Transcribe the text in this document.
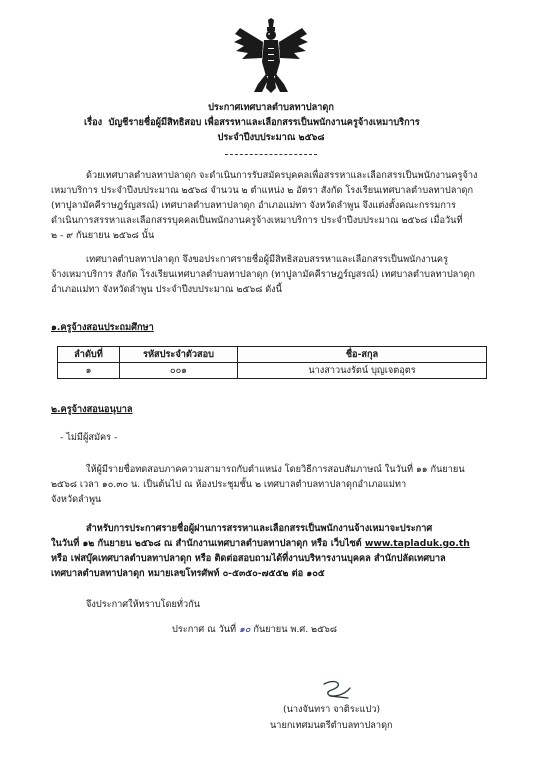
ประกาศเทศบาลตำบลทาปลาดุก
เรื่อง บัญชีรายชื่อผู้มีสิทธิสอบ เพื่อสรรหาและเลือกสรรเป็นพนักงานครูจ้างเหมาบริการ
ประจำปีงบประมาณ ๒๕๖๘
ด้วยเทศบาลตำบลทาปลาดุก จะดำเนินการรับสมัครบุคคลเพื่อสรรหาและเลือกสรรเป็นพนักงานครูจ้าง
เหมาบริการ ประจำปีงบประมาณ ๒๕๖๘ จำนวน ๒ ตำแหน่ง ๒ อัตรา สังกัด โรงเรียนเทศบาลตำบลทาปลาดุก
(ทาปูลามัคคีราษฎร์ญสรณ์) เทศบาลตำบลทาปลาดุก อำเภอแม่ทา จังหวัดลำพูน จึงแต่งตั้งคณะกรรมการ
ดำเนินการสรรหาและเลือกสรรบุคคลเป็นพนักงานครูจ้างเหมาบริการ ประจำปีงบประมาณ ๒๕๖๘ เมื่อวันที่
๒ - ๙ กันยายน ๒๕๖๘ นั้น
เทศบาลตำบลทาปลาดุก จึงขอประกาศรายชื่อผู้มีสิทธิสอบสรรหาและเลือกสรรเป็นพนักงานครู
จ้างเหมาบริการ สังกัด โรงเรียนเทศบาลตำบลทาปลาดุก (ทาปูลามัคคีราษฎร์ญสรณ์) เทศบาลตำบลทาปลาดุก
อำเภอแม่ทา จังหวัดลำพูน ประจำปีงบประมาณ ๒๕๖๘ ดังนี้
๑.ครูจ้างสอนประถมศึกษา
ลำดับที่	รหัสประจำตัวสอบ	ชื่อ-สกุล
๑	๐๐๑	นางสาวนงรัตน์ บุญเจตอุตร
๒.ครูจ้างสอนอนุบาล
- ไม่มีผู้สมัคร -
ให้ผู้มีรายชื่อทดสอบภาคความสามารถกับตำแหน่ง โดยวิธีการสอบสัมภาษณ์ ในวันที่ ๑๑ กันยายน
๒๕๖๘ เวลา ๑๐.๓๐ น. เป็นต้นไป ณ ห้องประชุมชั้น ๒ เทศบาลตำบลทาปลาดุกอำเภอแม่ทา
จังหวัดลำพูน
สำหรับการประกาศรายชื่อผู้ผ่านการสรรหาและเลือกสรรเป็นพนักงานจ้างเหมาจะประกาศ
ในวันที่ ๑๒ กันยายน ๒๕๖๘ ณ สำนักงานเทศบาลตำบลทาปลาดุก หรือ เว็บไซต์ www.tapladuk.go.th
หรือ เฟสบุ๊คเทศบาลตำบลทาปลาดุก หรือ ติดต่อสอบถามได้ที่งานบริหารงานบุคคล สำนักปลัดเทศบาล
เทศบาลตำบลทาปลาดุก หมายเลขโทรศัพท์ ๐-๕๓๕๐-๗๕๕๒ ต่อ ๑๐๕
จึงประกาศให้ทราบโดยทั่วกัน
ประกาศ ณ วันที่ ๑๐ กันยายน พ.ศ. ๒๕๖๘
(นางจันทรา จาติระแปว)
นายกเทศมนตรีตำบลทาปลาดุก
